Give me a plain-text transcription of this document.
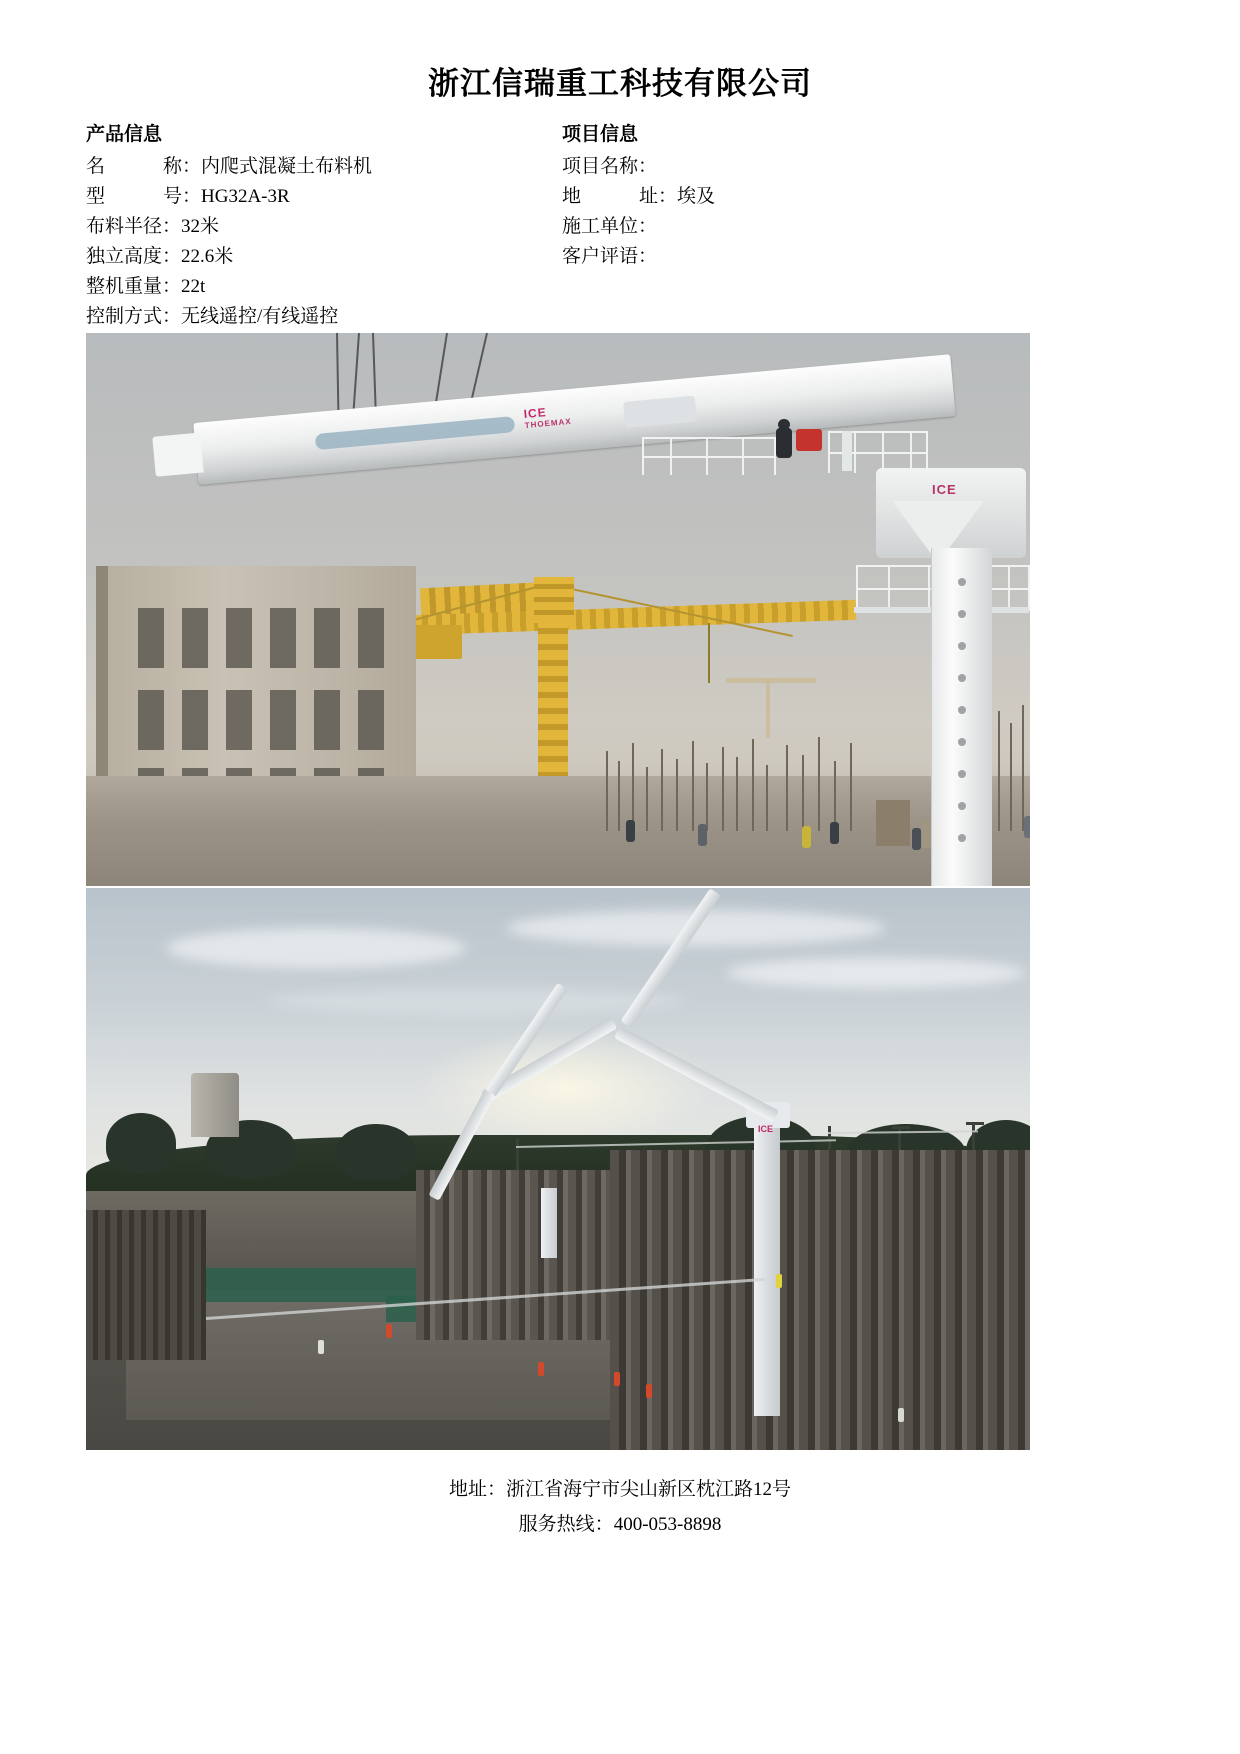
浙江信瑞重工科技有限公司
产品信息
名 称：内爬式混凝土布料机
型 号：HG32A-3R
布料半径：32米
独立高度：22.6米
整机重量：22t
控制方式：无线遥控/有线遥控
项目信息
项目名称：
地 址：埃及
施工单位：
客户评语：
ICE
THOEMAX
ICE
ICE
地址：浙江省海宁市尖山新区枕江路12号
服务热线：400-053-8898
